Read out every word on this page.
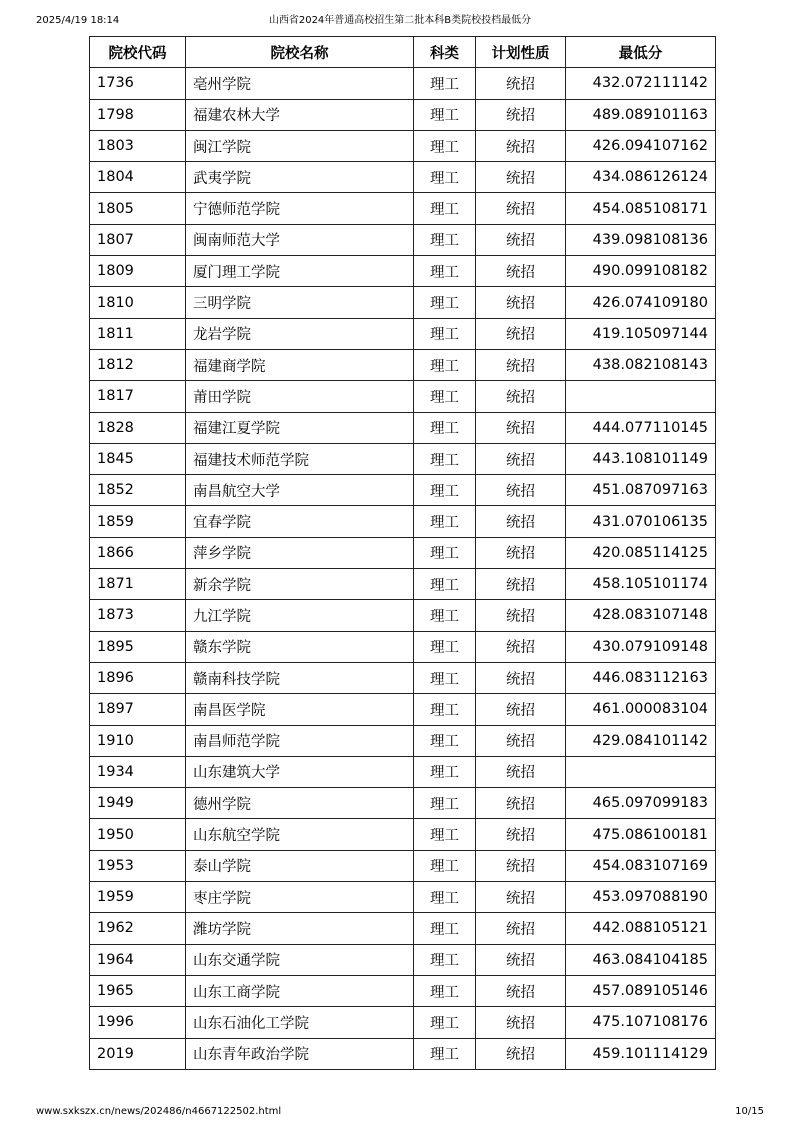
2025/4/19 18:14	山西省2024年普通高校招生第二批本科B类院校投档最低分
院校代码	院校名称	科类	计划性质	最低分
1736	亳州学院	理工	统招	432.072111142
1798	福建农林大学	理工	统招	489.089101163
1803	闽江学院	理工	统招	426.094107162
1804	武夷学院	理工	统招	434.086126124
1805	宁德师范学院	理工	统招	454.085108171
1807	闽南师范大学	理工	统招	439.098108136
1809	厦门理工学院	理工	统招	490.099108182
1810	三明学院	理工	统招	426.074109180
1811	龙岩学院	理工	统招	419.105097144
1812	福建商学院	理工	统招	438.082108143
1817	莆田学院	理工	统招	
1828	福建江夏学院	理工	统招	444.077110145
1845	福建技术师范学院	理工	统招	443.108101149
1852	南昌航空大学	理工	统招	451.087097163
1859	宜春学院	理工	统招	431.070106135
1866	萍乡学院	理工	统招	420.085114125
1871	新余学院	理工	统招	458.105101174
1873	九江学院	理工	统招	428.083107148
1895	赣东学院	理工	统招	430.079109148
1896	赣南科技学院	理工	统招	446.083112163
1897	南昌医学院	理工	统招	461.000083104
1910	南昌师范学院	理工	统招	429.084101142
1934	山东建筑大学	理工	统招	
1949	德州学院	理工	统招	465.097099183
1950	山东航空学院	理工	统招	475.086100181
1953	泰山学院	理工	统招	454.083107169
1959	枣庄学院	理工	统招	453.097088190
1962	潍坊学院	理工	统招	442.088105121
1964	山东交通学院	理工	统招	463.084104185
1965	山东工商学院	理工	统招	457.089105146
1996	山东石油化工学院	理工	统招	475.107108176
2019	山东青年政治学院	理工	统招	459.101114129
www.sxkszx.cn/news/202486/n4667122502.html	10/15
